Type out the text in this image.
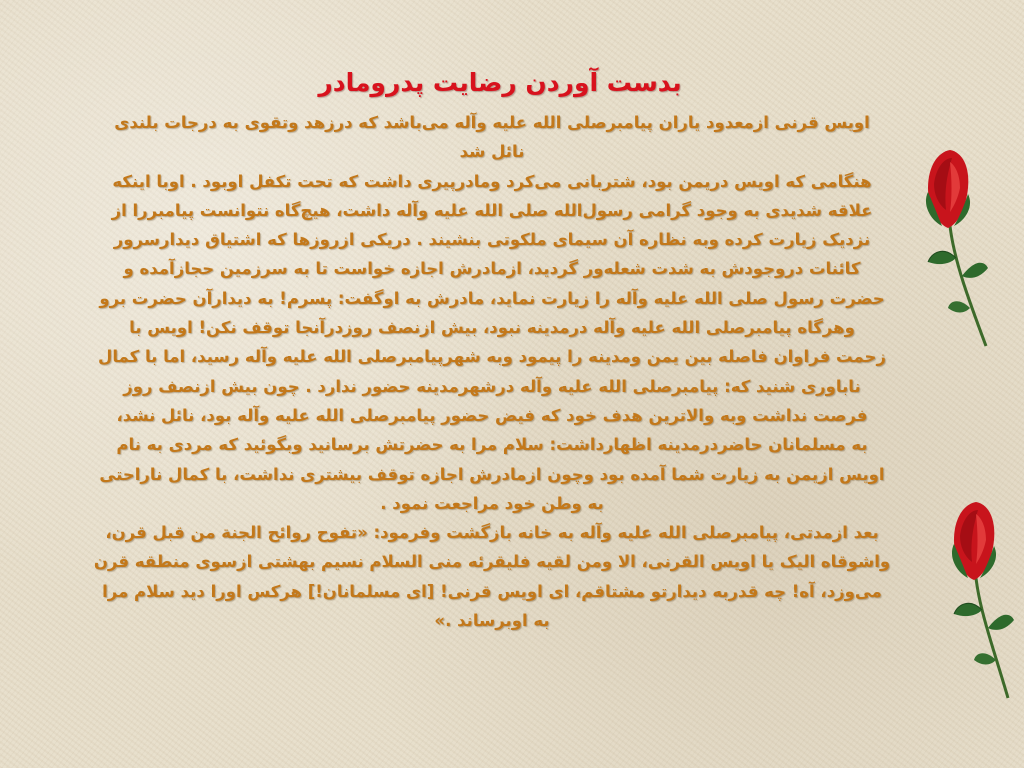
بدست آوردن رضایت پدرومادر
اویس قرنی ازمعدود یاران پیامبرصلی الله علیه وآله می‌باشد که درزهد وتقوی به درجات بلندی
نائل شد
هنگامی که اویس دریمن بود، شتربانی می‌کرد ومادرپیری داشت که تحت تکفل اوبود . اوبا اینکه
علاقه شدیدی به وجود گرامی رسول‌الله صلی الله علیه وآله داشت، هیچ‌گاه نتوانست پیامبررا از
نزدیک زیارت کرده وبه نظاره آن سیمای ملکوتی بنشیند . دریکی ازروزها که اشتیاق دیدارسرور
کائنات دروجودش به شدت شعله‌ور گردید، ازمادرش اجازه خواست تا به سرزمین حجازآمده و
حضرت رسول صلی الله علیه وآله را زیارت نماید، مادرش به اوگفت: پسرم! به دیدارآن حضرت برو
وهرگاه پیامبرصلی الله علیه وآله درمدینه نبود، بیش ازنصف روزدرآنجا توقف نکن! اویس با
زحمت فراوان فاصله بین یمن ومدینه را پیمود وبه شهرپیامبرصلی الله علیه وآله رسید، اما با کمال
ناباوری شنید که: پیامبرصلی الله علیه وآله درشهرمدینه حضور ندارد . چون بیش ازنصف روز
فرصت نداشت وبه والاترین هدف خود که فیض حضور پیامبرصلی الله علیه وآله بود، نائل نشد،
به مسلمانان حاضردرمدینه اظهارداشت: سلام مرا به حضرتش برسانید وبگوئید که مردی به نام
اویس ازیمن به زیارت شما آمده بود وچون ازمادرش اجازه توقف بیشتری نداشت، با کمال ناراحتی
به وطن خود مراجعت نمود .
بعد ازمدتی، پیامبرصلی الله علیه وآله به خانه بازگشت وفرمود: «تفوح روائح الجنة من قبل قرن،
واشوقاه الیک یا اویس القرنی، الا ومن لقیه فلیقرئه منی السلام نسیم بهشتی ازسوی منطقه قرن
می‌وزد، آه! چه قدربه دیدارتو مشتاقم، ای اویس قرنی! [ای مسلمانان!] هرکس اورا دید سلام مرا
به اوبرساند .»
